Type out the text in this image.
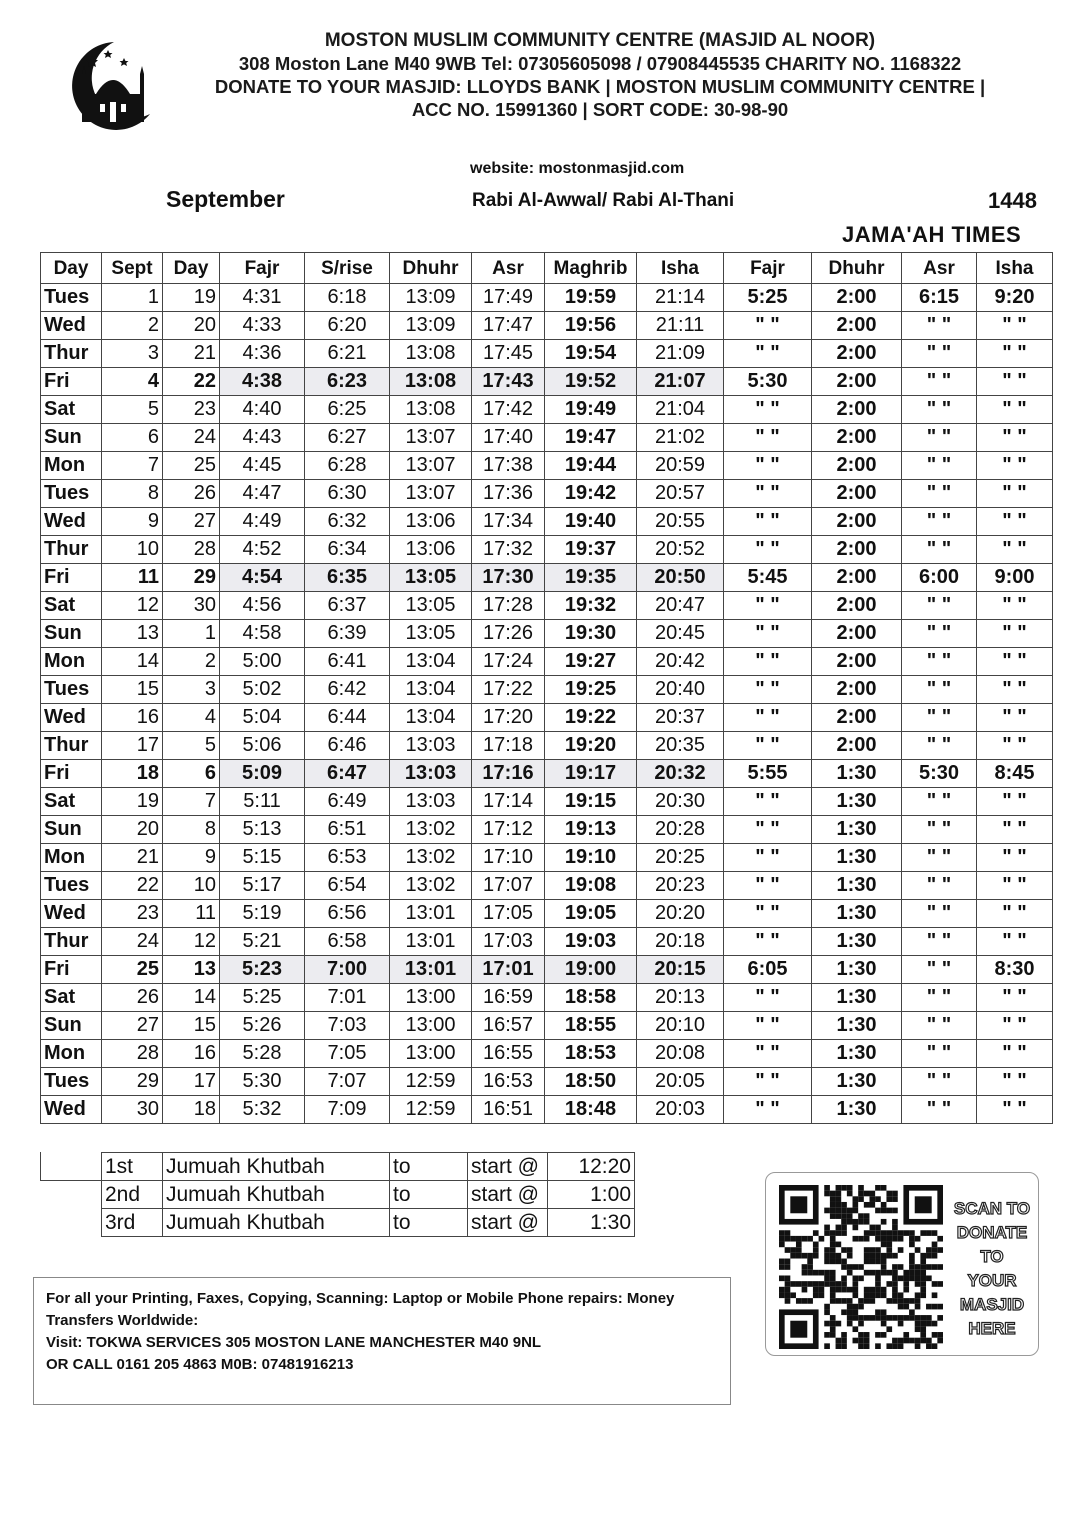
MOSTON MUSLIM COMMUNITY CENTRE (MASJID AL NOOR)
308 Moston Lane M40 9WB Tel: 07305605098 / 07908445535 CHARITY NO. 1168322
DONATE TO YOUR MASJID: LLOYDS BANK | MOSTON MUSLIM COMMUNITY CENTRE |
ACC NO. 15991360 | SORT CODE: 30-98-90
website: mostonmasjid.com
September	Rabi Al-Awwal/ Rabi Al-Thani	1448
JAMA'AH TIMES
Day	Sept	Day	Fajr	S/rise	Dhuhr	Asr	Maghrib	Isha	Fajr	Dhuhr	Asr	Isha
Tues	1	19	4:31	6:18	13:09	17:49	19:59	21:14	5:25	2:00	6:15	9:20
Wed	2	20	4:33	6:20	13:09	17:47	19:56	21:11	" "	2:00	" "	" "
Thur	3	21	4:36	6:21	13:08	17:45	19:54	21:09	" "	2:00	" "	" "
Fri	4	22	4:38	6:23	13:08	17:43	19:52	21:07	5:30	2:00	" "	" "
Sat	5	23	4:40	6:25	13:08	17:42	19:49	21:04	" "	2:00	" "	" "
Sun	6	24	4:43	6:27	13:07	17:40	19:47	21:02	" "	2:00	" "	" "
Mon	7	25	4:45	6:28	13:07	17:38	19:44	20:59	" "	2:00	" "	" "
Tues	8	26	4:47	6:30	13:07	17:36	19:42	20:57	" "	2:00	" "	" "
Wed	9	27	4:49	6:32	13:06	17:34	19:40	20:55	" "	2:00	" "	" "
Thur	10	28	4:52	6:34	13:06	17:32	19:37	20:52	" "	2:00	" "	" "
Fri	11	29	4:54	6:35	13:05	17:30	19:35	20:50	5:45	2:00	6:00	9:00
Sat	12	30	4:56	6:37	13:05	17:28	19:32	20:47	" "	2:00	" "	" "
Sun	13	1	4:58	6:39	13:05	17:26	19:30	20:45	" "	2:00	" "	" "
Mon	14	2	5:00	6:41	13:04	17:24	19:27	20:42	" "	2:00	" "	" "
Tues	15	3	5:02	6:42	13:04	17:22	19:25	20:40	" "	2:00	" "	" "
Wed	16	4	5:04	6:44	13:04	17:20	19:22	20:37	" "	2:00	" "	" "
Thur	17	5	5:06	6:46	13:03	17:18	19:20	20:35	" "	2:00	" "	" "
Fri	18	6	5:09	6:47	13:03	17:16	19:17	20:32	5:55	1:30	5:30	8:45
Sat	19	7	5:11	6:49	13:03	17:14	19:15	20:30	" "	1:30	" "	" "
Sun	20	8	5:13	6:51	13:02	17:12	19:13	20:28	" "	1:30	" "	" "
Mon	21	9	5:15	6:53	13:02	17:10	19:10	20:25	" "	1:30	" "	" "
Tues	22	10	5:17	6:54	13:02	17:07	19:08	20:23	" "	1:30	" "	" "
Wed	23	11	5:19	6:56	13:01	17:05	19:05	20:20	" "	1:30	" "	" "
Thur	24	12	5:21	6:58	13:01	17:03	19:03	20:18	" "	1:30	" "	" "
Fri	25	13	5:23	7:00	13:01	17:01	19:00	20:15	6:05	1:30	" "	8:30
Sat	26	14	5:25	7:01	13:00	16:59	18:58	20:13	" "	1:30	" "	" "
Sun	27	15	5:26	7:03	13:00	16:57	18:55	20:10	" "	1:30	" "	" "
Mon	28	16	5:28	7:05	13:00	16:55	18:53	20:08	" "	1:30	" "	" "
Tues	29	17	5:30	7:07	12:59	16:53	18:50	20:05	" "	1:30	" "	" "
Wed	30	18	5:32	7:09	12:59	16:51	18:48	20:03	" "	1:30	" "	" "
1st	Jumuah Khutbah	to	start @	12:20
2nd	Jumuah Khutbah	to	start @	1:00
3rd	Jumuah Khutbah	to	start @	1:30

For all your Printing, Faxes, Copying, Scanning: Laptop or Mobile Phone repairs: Money

Transfers Worldwide:

Visit: TOKWA SERVICES 305 MOSTON LANE MANCHESTER M40 9NL

OR CALL 0161 205 4863 M0B: 07481916213

SCAN TO
DONATE
TO
YOUR
MASJID
HERE
